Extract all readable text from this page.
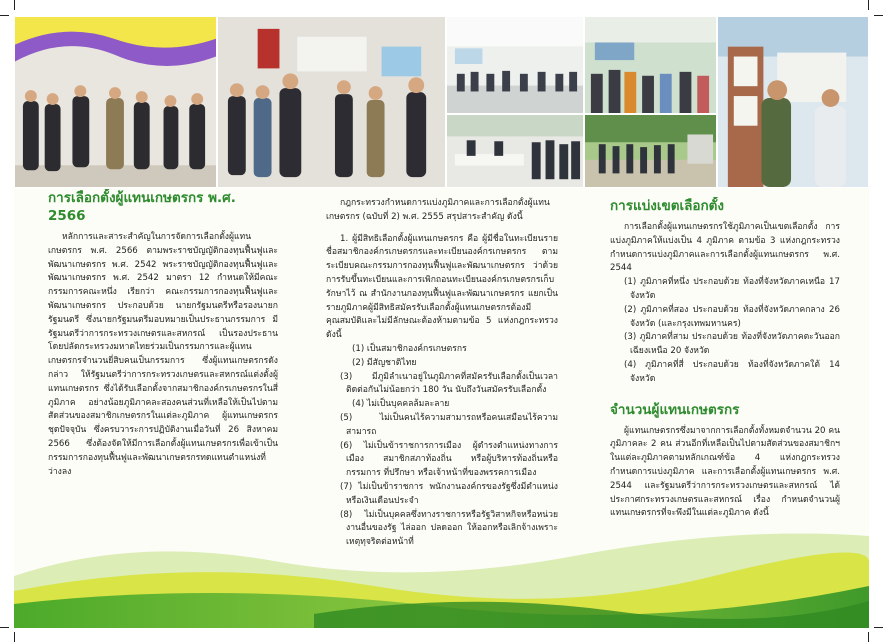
การเลือกตั้งผู้แทนเกษตรกร พ.ศ. 2566

หลักการและสาระสำคัญในการจัดการเลือกตั้งผู้แทนเกษตรกร พ.ศ. 2566 ตามพระราชบัญญัติกองทุนฟื้นฟูและพัฒนาเกษตรกร พ.ศ. 2542 พระราชบัญญัติกองทุนฟื้นฟูและพัฒนาเกษตรกร พ.ศ. 2542 มาตรา 12 กำหนดให้มีคณะกรรมการคณะหนึ่ง เรียกว่า คณะกรรมการกองทุนฟื้นฟูและพัฒนาเกษตรกร ประกอบด้วย นายกรัฐมนตรีหรือรองนายกรัฐมนตรี ซึ่งนายกรัฐมนตรีมอบหมายเป็นประธานกรรมการ มีรัฐมนตรีว่าการกระทรวงเกษตรและสหกรณ์ เป็นรองประธาน โดยปลัดกระทรวงมหาดไทยร่วมเป็นกรรมการและผู้แทนเกษตรกรจำนวนยี่สิบคนเป็นกรรมการ ซึ่งผู้แทนเกษตรกรดังกล่าว ให้รัฐมนตรีว่าการกระทรวงเกษตรและสหกรณ์แต่งตั้งผู้แทนเกษตรกร ซึ่งได้รับเลือกตั้งจากสมาชิกองค์กรเกษตรกรในสี่ภูมิภาค อย่างน้อยภูมิภาคละสองคนส่วนที่เหลือให้เป็นไปตามสัดส่วนของสมาชิกเกษตรกรในแต่ละภูมิภาค ผู้แทนเกษตรกรชุดปัจจุบัน ซึ่งครบวาระการปฏิบัติงานเมื่อวันที่ 26 สิงหาคม 2566 ซึ่งต้องจัดให้มีการเลือกตั้งผู้แทนเกษตรกรเพื่อเข้าเป็นกรรมการกองทุนฟื้นฟูและพัฒนาเกษตรกรทดแทนตำแหน่งที่ว่างลง

กฎกระทรวงกำหนดการแบ่งภูมิภาคและการเลือกตั้งผู้แทนเกษตรกร (ฉบับที่ 2) พ.ศ. 2555 สรุปสาระสำคัญ ดังนี้

1. ผู้มีสิทธิเลือกตั้งผู้แทนเกษตรกร คือ ผู้มีชื่อในทะเบียนรายชื่อสมาชิกองค์กรเกษตรกรและทะเบียนองค์กรเกษตรกร ตามระเบียบคณะกรรมการกองทุนฟื้นฟูและพัฒนาเกษตรกร ว่าด้วยการรับขึ้นทะเบียนและการเพิกถอนทะเบียนองค์กรเกษตรกรเก็บรักษาไว้ ณ สำนักงานกองทุนฟื้นฟูและพัฒนาเกษตรกร แยกเป็นรายภูมิภาคผู้มีสิทธิสมัครรับเลือกตั้งผู้แทนเกษตรกรต้องมีคุณสมบัติและไม่มีลักษณะต้องห้ามตามข้อ 5 แห่งกฎกระทรวง ดังนี้

(1) เป็นสมาชิกองค์กรเกษตรกร

(2) มีสัญชาติไทย

(3) มีภูมิลำเนาอยู่ในภูมิภาคที่สมัครรับเลือกตั้งเป็นเวลาติดต่อกันไม่น้อยกว่า 180 วัน นับถึงวันสมัครรับเลือกตั้ง

(4) ไม่เป็นบุคคลล้มละลาย

(5) ไม่เป็นคนไร้ความสามารถหรือคนเสมือนไร้ความสามารถ

(6) ไม่เป็นข้าราชการการเมือง ผู้ดำรงตำแหน่งทางการเมือง สมาชิกสภาท้องถิ่น หรือผู้บริหารท้องถิ่นหรือกรรมการ ที่ปรึกษา หรือเจ้าหน้าที่ของพรรคการเมือง

(7) ไม่เป็นข้าราชการ พนักงานองค์กรของรัฐซึ่งมีตำแหน่งหรือเงินเดือนประจำ

(8) ไม่เป็นบุคคลซึ่งทางราชการหรือรัฐวิสาหกิจหรือหน่วยงานอื่นของรัฐ ไล่ออก ปลดออก ให้ออกหรือเลิกจ้างเพราะเหตุทุจริตต่อหน้าที่

การแบ่งเขตเลือกตั้ง

การเลือกตั้งผู้แทนเกษตรกรใช้ภูมิภาคเป็นเขตเลือกตั้ง การแบ่งภูมิภาคให้แบ่งเป็น 4 ภูมิภาค ตามข้อ 3 แห่งกฎกระทรวง กำหนดการแบ่งภูมิภาคและการเลือกตั้งผู้แทนเกษตรกร พ.ศ. 2544

(1) ภูมิภาคที่หนึ่ง ประกอบด้วย ท้องที่จังหวัดภาคเหนือ 17 จังหวัด

(2) ภูมิภาคที่สอง ประกอบด้วย ท้องที่จังหวัดภาคกลาง 26 จังหวัด (และกรุงเทพมหานคร)

(3) ภูมิภาคที่สาม ประกอบด้วย ท้องที่จังหวัดภาคตะวันออกเฉียงเหนือ 20 จังหวัด

(4) ภูมิภาคที่สี่ ประกอบด้วย ท้องที่จังหวัดภาคใต้ 14 จังหวัด

จำนวนผู้แทนเกษตรกร

ผู้แทนเกษตรกรซึ่งมาจากการเลือกตั้งทั้งหมดจำนวน 20 คน ภูมิภาคละ 2 คน ส่วนอีกที่เหลือเป็นไปตามสัดส่วนของสมาชิกฯ ในแต่ละภูมิภาคตามหลักเกณฑ์ข้อ 4 แห่งกฎกระทรวงกำหนดการแบ่งภูมิภาค และการเลือกตั้งผู้แทนเกษตรกร พ.ศ. 2544 และรัฐมนตรีว่าการกระทรวงเกษตรและสหกรณ์ ได้ประกาศกระทรวงเกษตรและสหกรณ์ เรื่อง กำหนดจำนวนผู้แทนเกษตรกรที่จะพึงมีในแต่ละภูมิภาค ดังนี้
